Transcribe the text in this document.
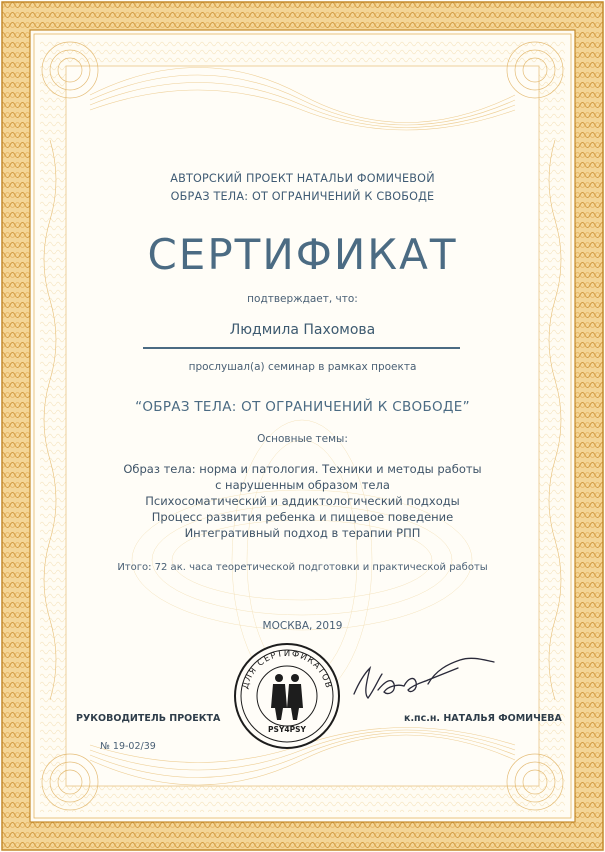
АВТОРСКИЙ ПРОЕКТ НАТАЛЬИ ФОМИЧЕВОЙ
ОБРАЗ ТЕЛА: ОТ ОГРАНИЧЕНИЙ К СВОБОДЕ
СЕРТИФИКАТ
подтверждает, что:
Людмила Пахомова
прослушал(а) семинар в рамках проекта
“ОБРАЗ ТЕЛА: ОТ ОГРАНИЧЕНИЙ К СВОБОДЕ”
Основные темы:
Образ тела: норма и патология. Техники и методы работы
с нарушенным образом тела
Психосоматический и аддиктологический подходы
Процесс развития ребенка и пищевое поведение
Интегративный подход в терапии РПП
Итого: 72 ак. часа теоретической подготовки и практической работы
МОСКВА, 2019
ДЛЯ СЕРТИФИКАТОВ
PSY4PSY
РУКОВОДИТЕЛЬ ПРОЕКТА	к.пс.н. НАТАЛЬЯ ФОМИЧЕВА
№ 19-02/39
